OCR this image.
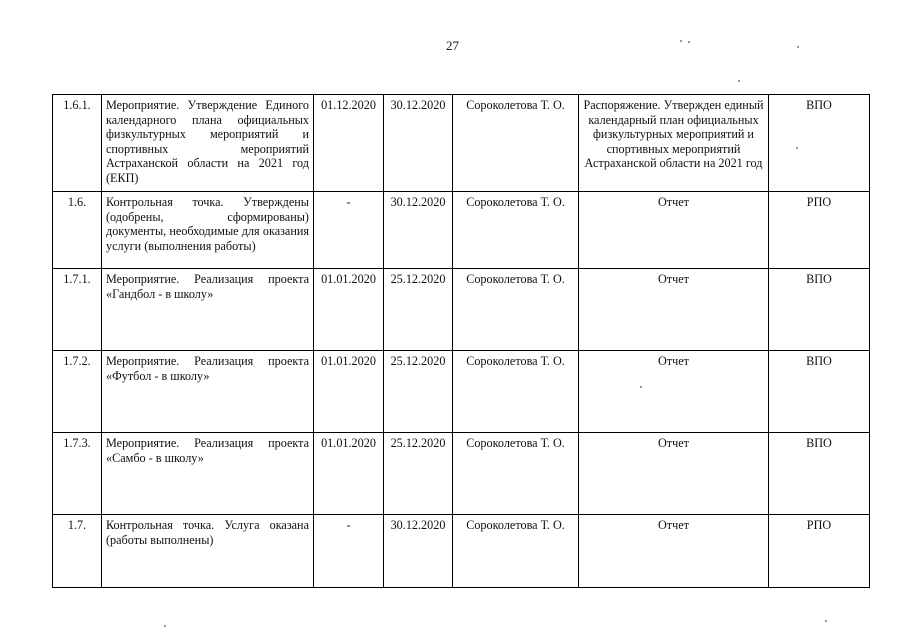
27
1.6.1.	Мероприятие. Утверждение Единого календарного плана официальных физкультурных мероприятий и спортивных мероприятий Астраханской области на 2021 год (ЕКП)	01.12.2020	30.12.2020	Сороколетова Т. О.	Распоряжение. Утвержден единый календарный план официальных физкультурных мероприятий и спортивных мероприятий Астраханской области на 2021 год	ВПО
1.6.	Контрольная точка. Утверждены (одобрены, сформированы) документы, необходимые для оказания услуги (выполнения работы)	-	30.12.2020	Сороколетова Т. О.	Отчет	РПО
1.7.1.	Мероприятие. Реализация проекта «Гандбол - в школу»	01.01.2020	25.12.2020	Сороколетова Т. О.	Отчет	ВПО
1.7.2.	Мероприятие. Реализация проекта «Футбол - в школу»	01.01.2020	25.12.2020	Сороколетова Т. О.	Отчет	ВПО
1.7.3.	Мероприятие. Реализация проекта «Самбо - в школу»	01.01.2020	25.12.2020	Сороколетова Т. О.	Отчет	ВПО
1.7.	Контрольная точка. Услуга оказана (работы выполнены)	-	30.12.2020	Сороколетова Т. О.	Отчет	РПО
